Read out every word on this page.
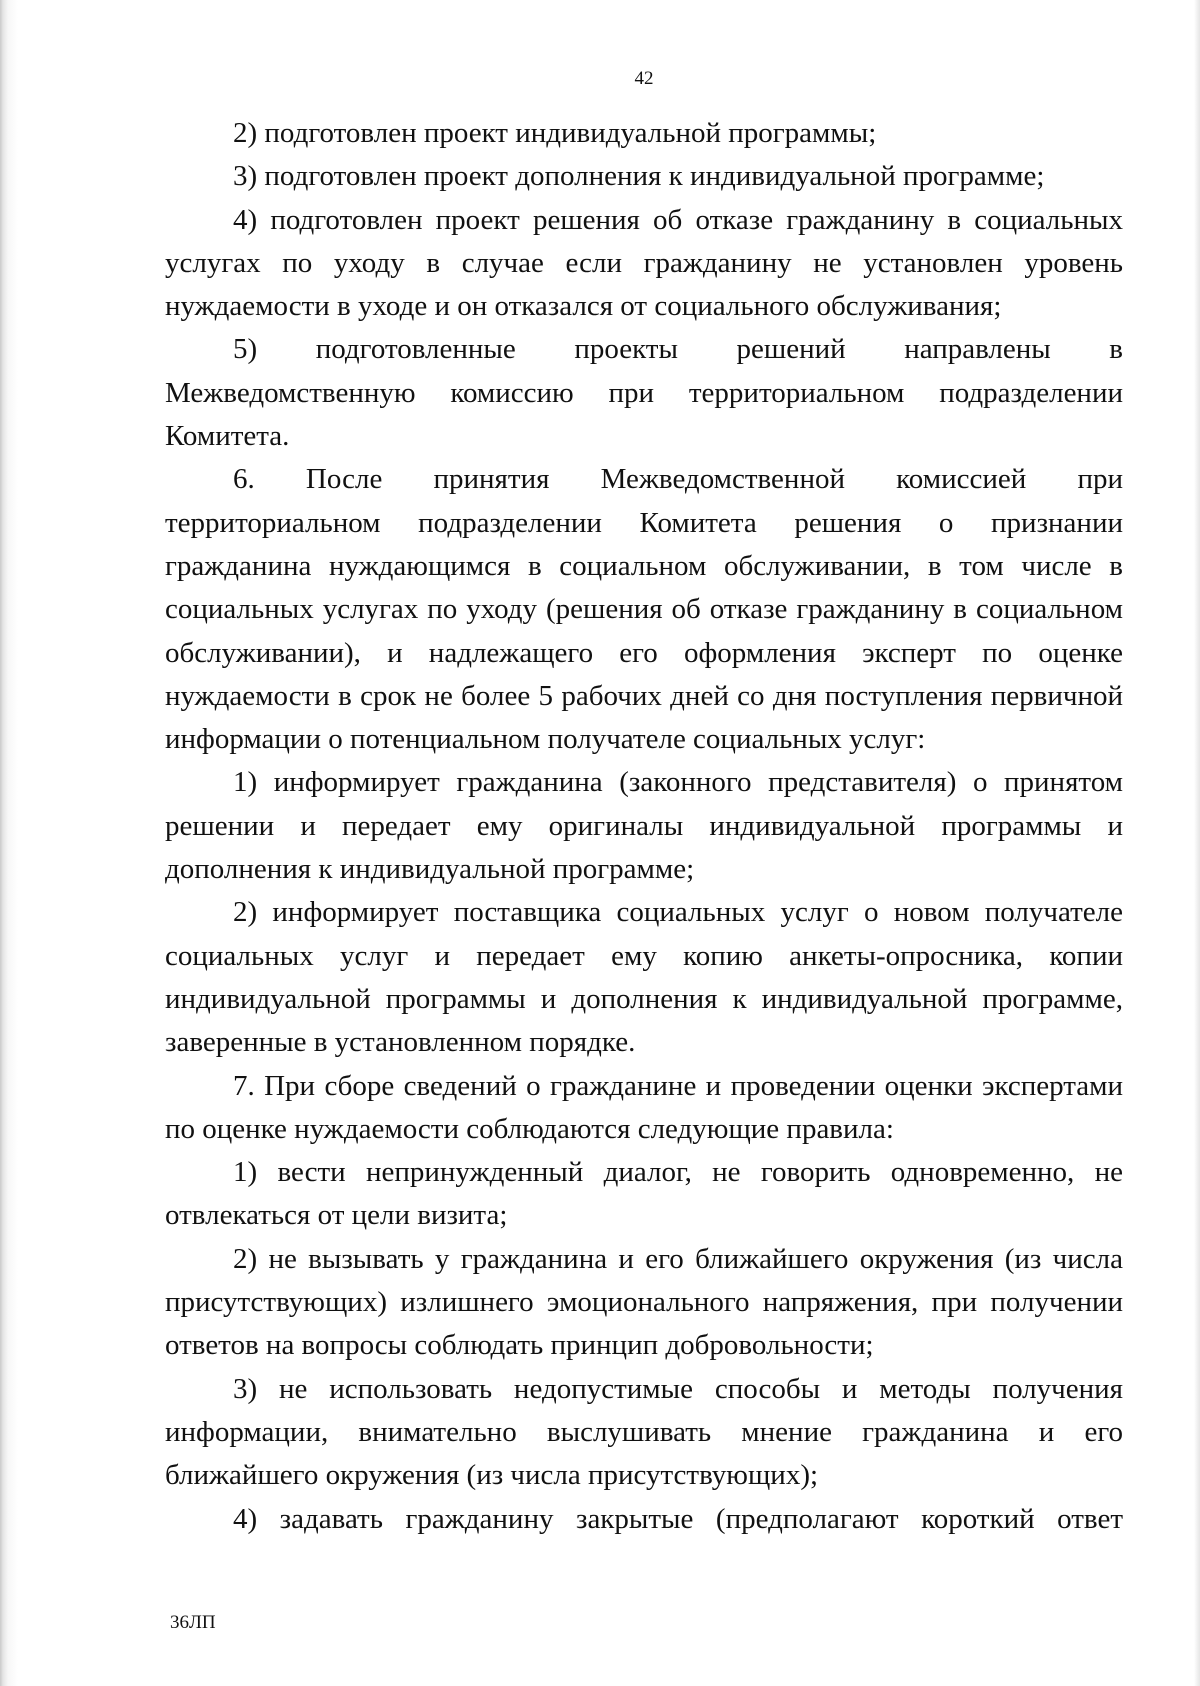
42

2) подготовлен проект индивидуальной программы;

3) подготовлен проект дополнения к индивидуальной программе;

4) подготовлен проект решения об отказе гражданину в социальных услугах по уходу в случае если гражданину не установлен уровень нуждаемости в уходе и он отказался от социального обслуживания;

5) подготовленные проекты решений направлены в Межведомственную комиссию при территориальном подразделении Комитета.

6. После принятия Межведомственной комиссией при территориальном подразделении Комитета решения о признании гражданина нуждающимся в социальном обслуживании, в том числе в социальных услугах по уходу (решения об отказе гражданину в социальном обслуживании), и надлежащего его оформления эксперт по оценке нуждаемости в срок не более 5 рабочих дней со дня поступления первичной информации о потенциальном получателе социальных услуг:

1) информирует гражданина (законного представителя) о принятом решении и передает ему оригиналы индивидуальной программы и дополнения к индивидуальной программе;

2) информирует поставщика социальных услуг о новом получателе социальных услуг и передает ему копию анкеты-опросника, копии индивидуальной программы и дополнения к индивидуальной программе, заверенные в установленном порядке.

7. При сборе сведений о гражданине и проведении оценки экспертами по оценке нуждаемости соблюдаются следующие правила:

1) вести непринужденный диалог, не говорить одновременно, не отвлекаться от цели визита;

2) не вызывать у гражданина и его ближайшего окружения (из числа присутствующих) излишнего эмоционального напряжения, при получении ответов на вопросы соблюдать принцип добровольности;

3) не использовать недопустимые способы и методы получения информации, внимательно выслушивать мнение гражданина и его ближайшего окружения (из числа присутствующих);

4) задавать гражданину закрытые (предполагают короткий ответ

36ЛП
